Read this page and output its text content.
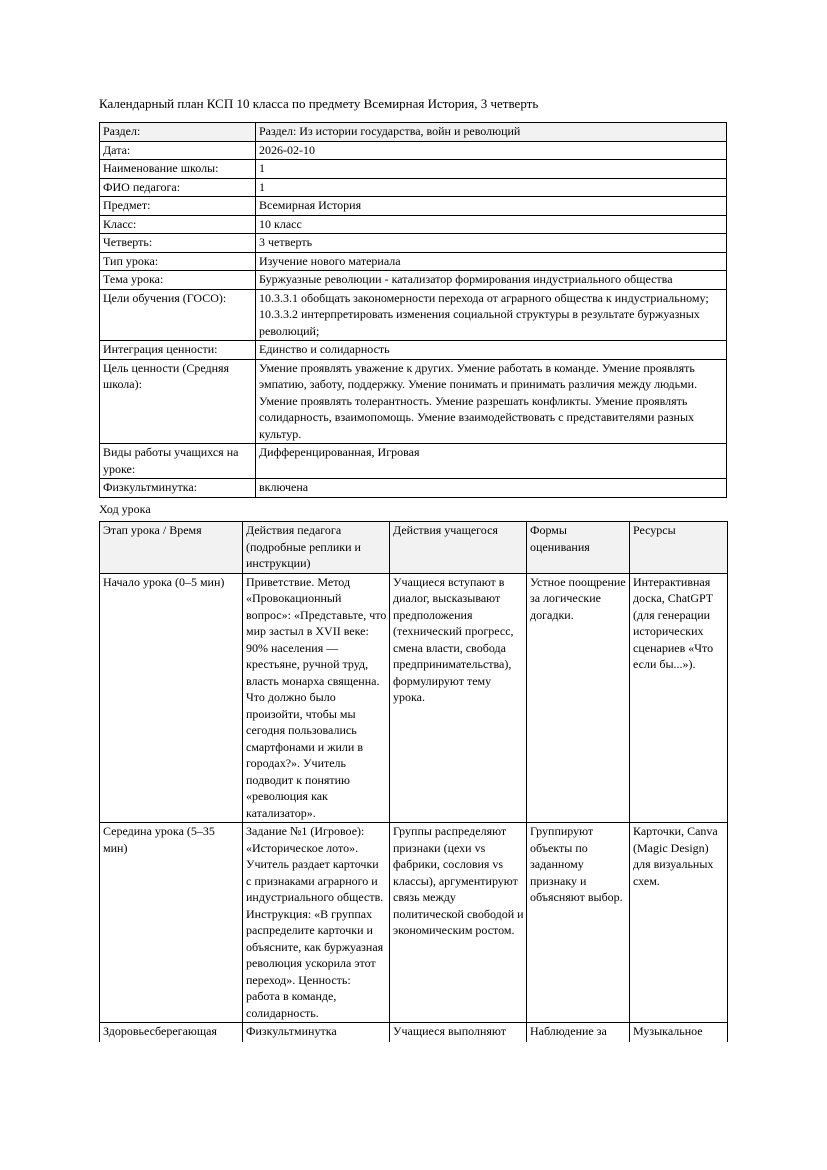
Календарный план КСП 10 класса по предмету Всемирная История, 3 четверть
Раздел:	Раздел: Из истории государства, войн и революций
Дата:	2026-02-10
Наименование школы:	1
ФИО педагога:	1
Предмет:	Всемирная История
Класс:	10 класс
Четверть:	3 четверть
Тип урока:	Изучение нового материала
Тема урока:	Буржуазные революции - катализатор формирования индустриального общества
Цели обучения (ГОСО):	10.3.3.1 обобщать закономерности перехода от аграрного общества к индустриальному; 10.3.3.2 интерпретировать изменения социальной структуры в результате буржуазных революций;
Интеграция ценности:	Единство и солидарность
Цель ценности (Средняя школа):	Умение проявлять уважение к других. Умение работать в команде. Умение проявлять эмпатию, заботу, поддержку. Умение понимать и принимать различия между людьми. Умение проявлять толерантность. Умение разрешать конфликты. Умение проявлять солидарность, взаимопомощь. Умение взаимодействовать с представителями разных культур.
Виды работы учащихся на уроке:	Дифференцированная, Игровая
Физкультминутка:	включена
Ход урока
Этап урока / Время	Действия педагога (подробные реплики и инструкции)	Действия учащегося	Формы оценивания	Ресурсы
Начало урока (0–5 мин)	Приветствие. Метод «Провокационный вопрос»: «Представьте, что мир застыл в XVII веке: 90% населения — крестьяне, ручной труд, власть монарха священна. Что должно было произойти, чтобы мы сегодня пользовались смартфонами и жили в городах?». Учитель подводит к понятию «революция как катализатор».	Учащиеся вступают в диалог, высказывают предположения (технический прогресс, смена власти, свобода предпринимательства), формулируют тему урока.	Устное поощрение за логические догадки.	Интерактивная доска, ChatGPT (для генерации исторических сценариев «Что если бы...»).
Середина урока (5–35 мин)	Задание №1 (Игровое): «Историческое лото». Учитель раздает карточки с признаками аграрного и индустриального обществ. Инструкция: «В группах распределите карточки и объясните, как буржуазная революция ускорила этот переход». Ценность: работа в команде, солидарность.	Группы распределяют признаки (цехи vs фабрики, сословия vs классы), аргументируют связь между политической свободой и экономическим ростом.	Группируют объекты по заданному признаку и объясняют выбор.	Карточки, Canva (Magic Design) для визуальных схем.
Здоровьесберегающая	Физкультминутка	Учащиеся выполняют	Наблюдение за	Музыкальное
